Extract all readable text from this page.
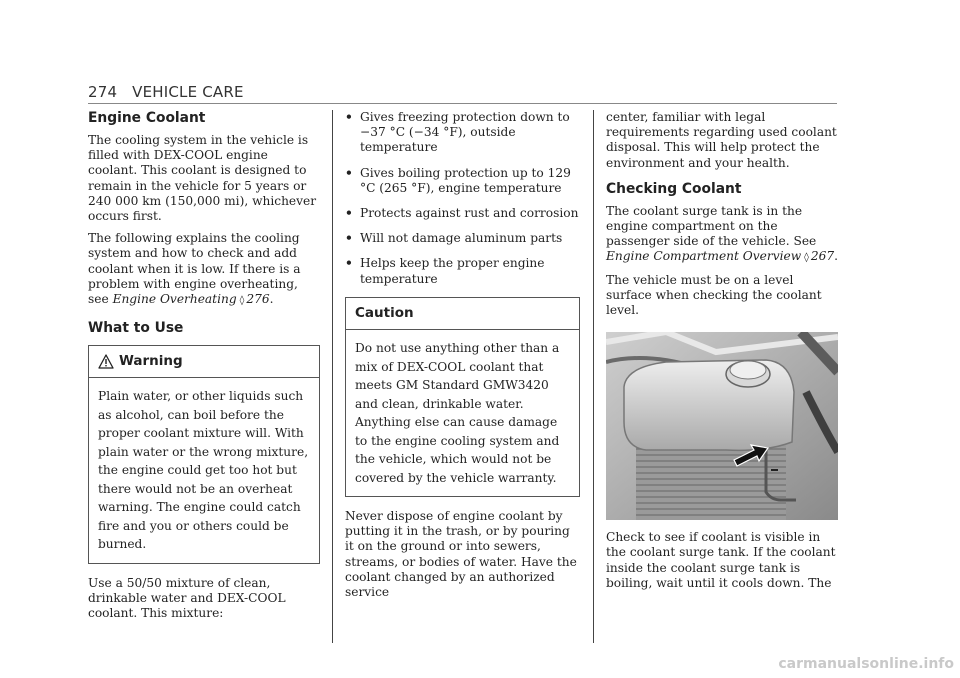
274 VEHICLE CARE
Engine Coolant

The cooling system in the vehicle is filled with DEX-COOL engine coolant. This coolant is designed to remain in the vehicle for 5 years or 240 000 km (150,000 mi), whichever occurs first.

The following explains the cooling system and how to check and add coolant when it is low. If there is a problem with engine overheating, see Engine Overheating ◊ 276.

What to Use
Warning
Plain water, or other liquids such as alcohol, can boil before the proper coolant mixture will. With plain water or the wrong mixture, the engine could get too hot but there would not be an overheat warning. The engine could catch fire and you or others could be burned.

Use a 50/50 mixture of clean, drinkable water and DEX-COOL coolant. This mixture:

• Gives freezing protection down to −37 °C (−34 °F), outside temperature
• Gives boiling protection up to 129 °C (265 °F), engine temperature
• Protects against rust and corrosion
• Will not damage aluminum parts
• Helps keep the proper engine temperature
Caution
Do not use anything other than a mix of DEX-COOL coolant that meets GM Standard GMW3420 and clean, drinkable water. Anything else can cause damage to the engine cooling system and the vehicle, which would not be covered by the vehicle warranty.

Never dispose of engine coolant by putting it in the trash, or by pouring it on the ground or into sewers, streams, or bodies of water. Have the coolant changed by an authorized service

center, familiar with legal requirements regarding used coolant disposal. This will help protect the environment and your health.

Checking Coolant

The coolant surge tank is in the engine compartment on the passenger side of the vehicle. See Engine Compartment Overview ◊ 267.

The vehicle must be on a level surface when checking the coolant level.

Check to see if coolant is visible in the coolant surge tank. If the coolant inside the coolant surge tank is boiling, wait until it cools down. The

carmanualsonline.info
